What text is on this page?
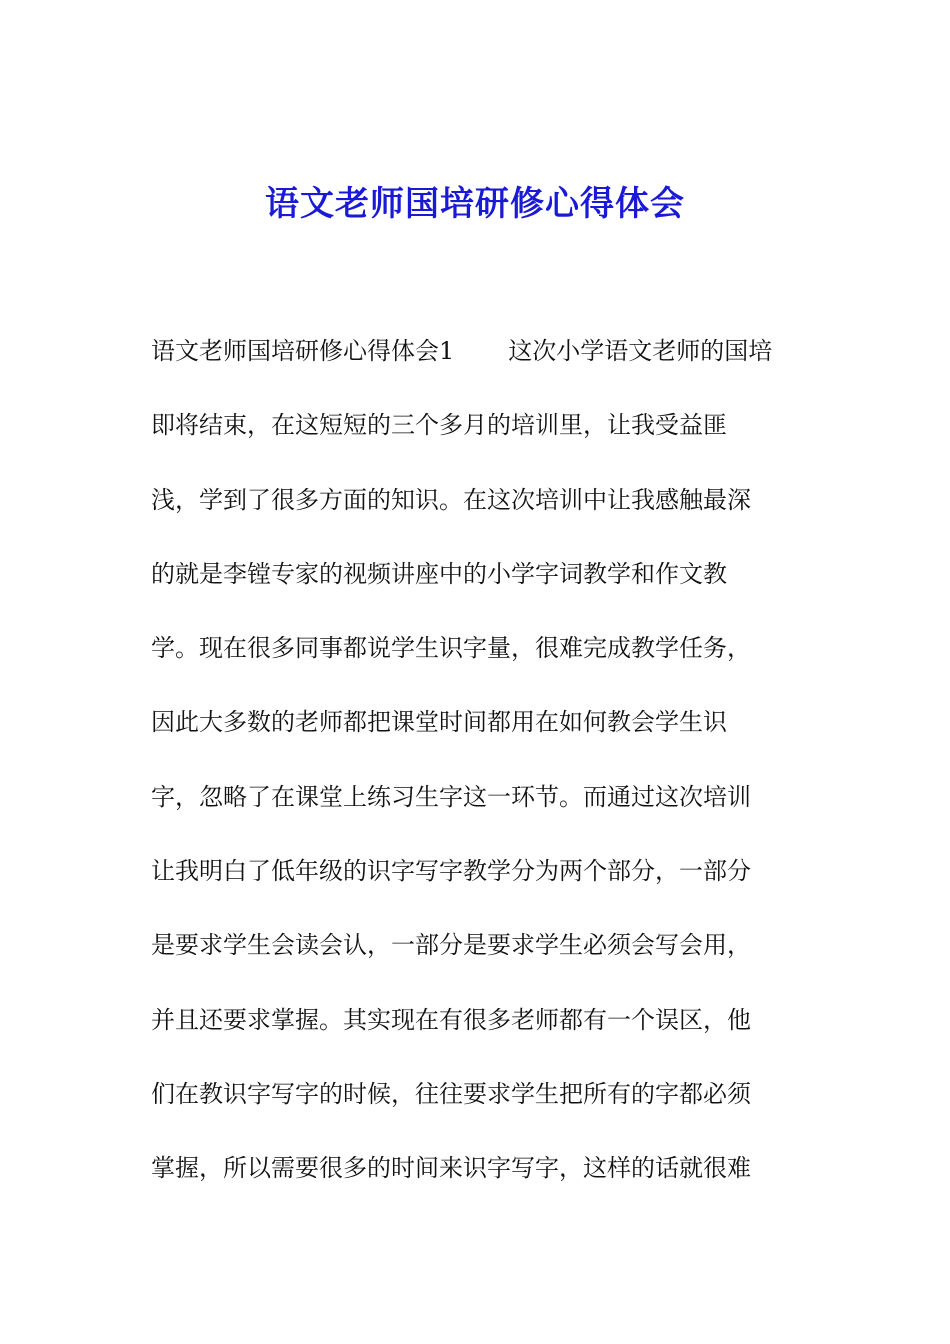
语文老师国培研修心得体会
语文老师国培研修心得体会1 这次小学语文老师的国培
即将结束，在这短短的三个多月的培训里，让我受益匪
浅，学到了很多方面的知识。在这次培训中让我感触最深
的就是李镗专家的视频讲座中的小学字词教学和作文教
学。现在很多同事都说学生识字量，很难完成教学任务，
因此大多数的老师都把课堂时间都用在如何教会学生识
字，忽略了在课堂上练习生字这一环节。而通过这次培训
让我明白了低年级的识字写字教学分为两个部分，一部分
是要求学生会读会认，一部分是要求学生必须会写会用，
并且还要求掌握。其实现在有很多老师都有一个误区，他
们在教识字写字的时候，往往要求学生把所有的字都必须
掌握，所以需要很多的时间来识字写字，这样的话就很难
